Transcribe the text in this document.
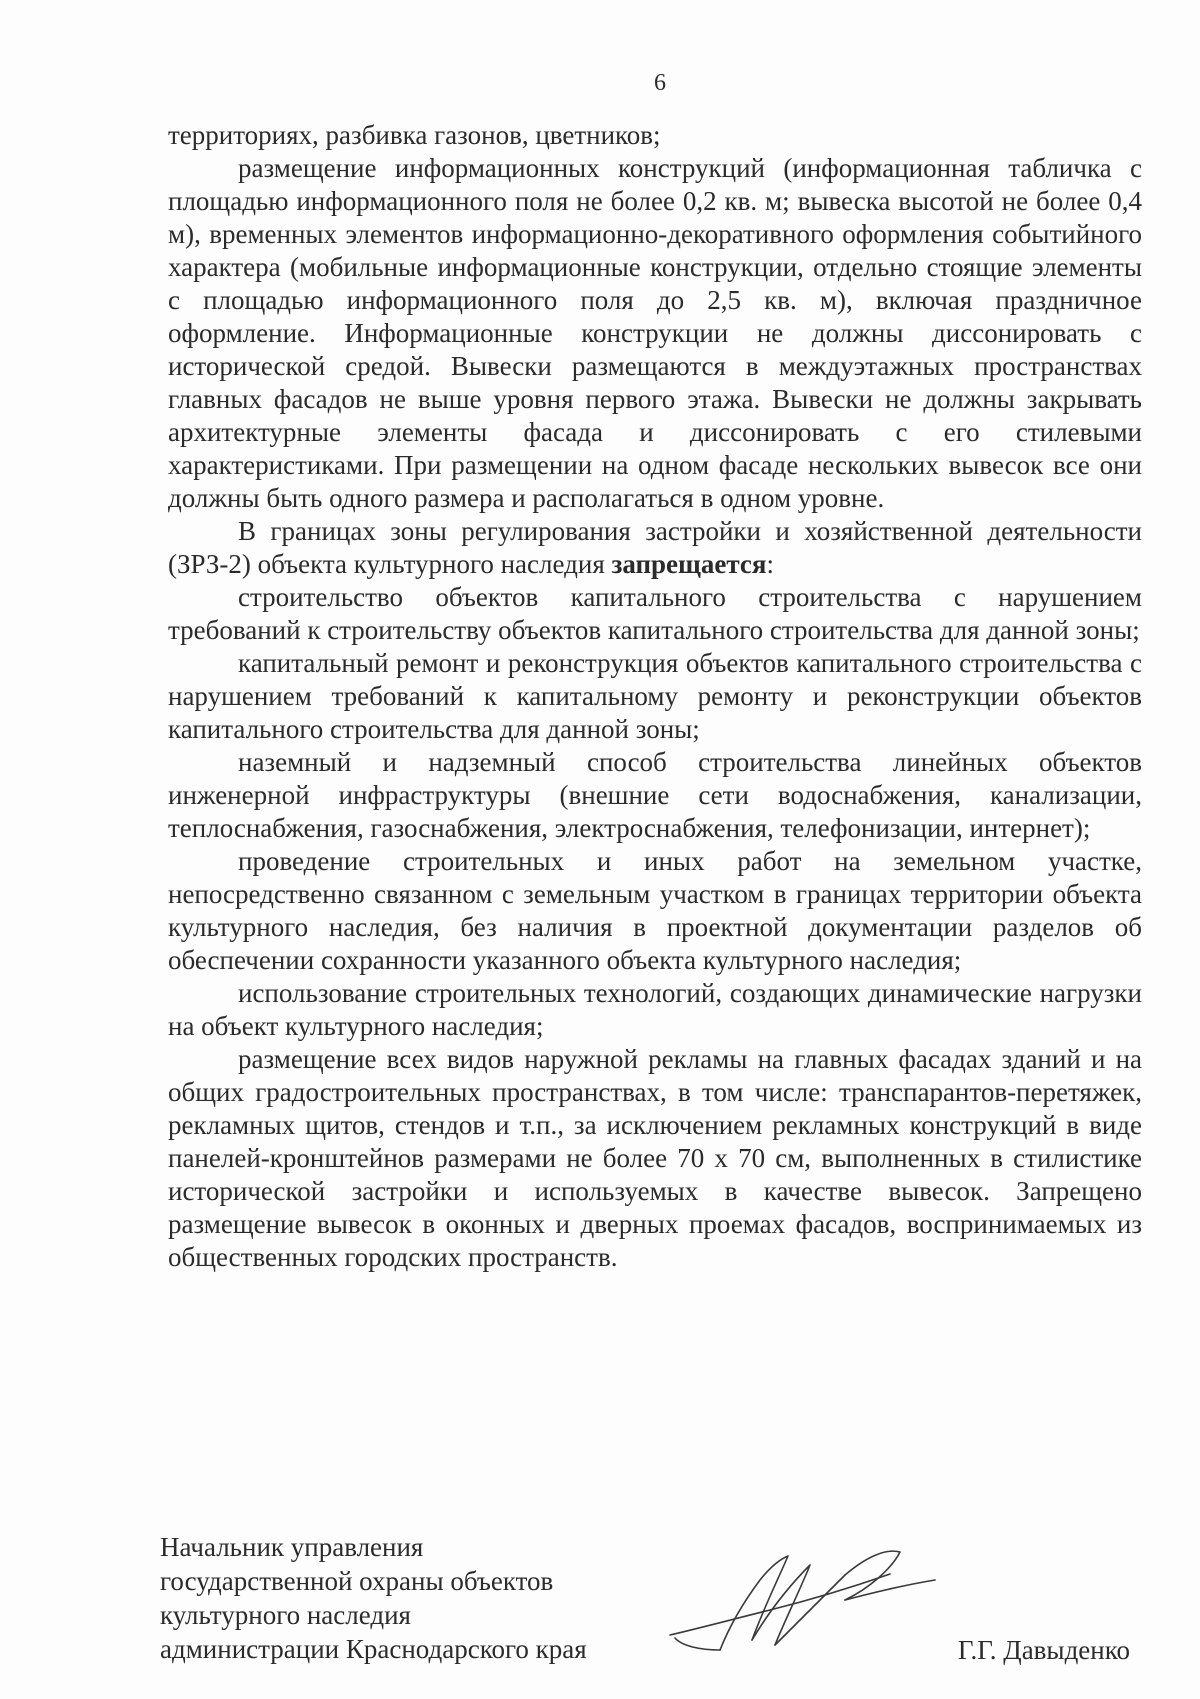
6

территориях, разбивка газонов, цветников;

размещение информационных конструкций (информационная табличка с площадью информационного поля не более 0,2 кв. м; вывеска высотой не более 0,4 м), временных элементов информационно-декоративного оформления событийного характера (мобильные информационные конструкции, отдельно стоящие элементы с площадью информационного поля до 2,5 кв. м), включая праздничное оформление. Информационные конструкции не должны диссонировать с исторической средой. Вывески размещаются в междуэтажных пространствах главных фасадов не выше уровня первого этажа. Вывески не должны закрывать архитектурные элементы фасада и диссонировать с его стилевыми характеристиками. При размещении на одном фасаде нескольких вывесок все они должны быть одного размера и располагаться в одном уровне.

В границах зоны регулирования застройки и хозяйственной деятельности (ЗРЗ-2) объекта культурного наследия запрещается:

строительство объектов капитального строительства с нарушением требований к строительству объектов капитального строительства для данной зоны;

капитальный ремонт и реконструкция объектов капитального строительства с нарушением требований к капитальному ремонту и реконструкции объектов капитального строительства для данной зоны;

наземный и надземный способ строительства линейных объектов инженерной инфраструктуры (внешние сети водоснабжения, канализации, теплоснабжения, газоснабжения, электроснабжения, телефонизации, интернет);

проведение строительных и иных работ на земельном участке, непосредственно связанном с земельным участком в границах территории объекта культурного наследия, без наличия в проектной документации разделов об обеспечении сохранности указанного объекта культурного наследия;

использование строительных технологий, создающих динамические нагрузки на объект культурного наследия;

размещение всех видов наружной рекламы на главных фасадах зданий и на общих градостроительных пространствах, в том числе: транспарантов-перетяжек, рекламных щитов, стендов и т.п., за исключением рекламных конструкций в виде панелей-кронштейнов размерами не более 70 х 70 см, выполненных в стилистике исторической застройки и используемых в качестве вывесок. Запрещено размещение вывесок в оконных и дверных проемах фасадов, воспринимаемых из общественных городских пространств.

Начальник управления
государственной охраны объектов
культурного наследия
администрации Краснодарского края	Г.Г. Давыденко
